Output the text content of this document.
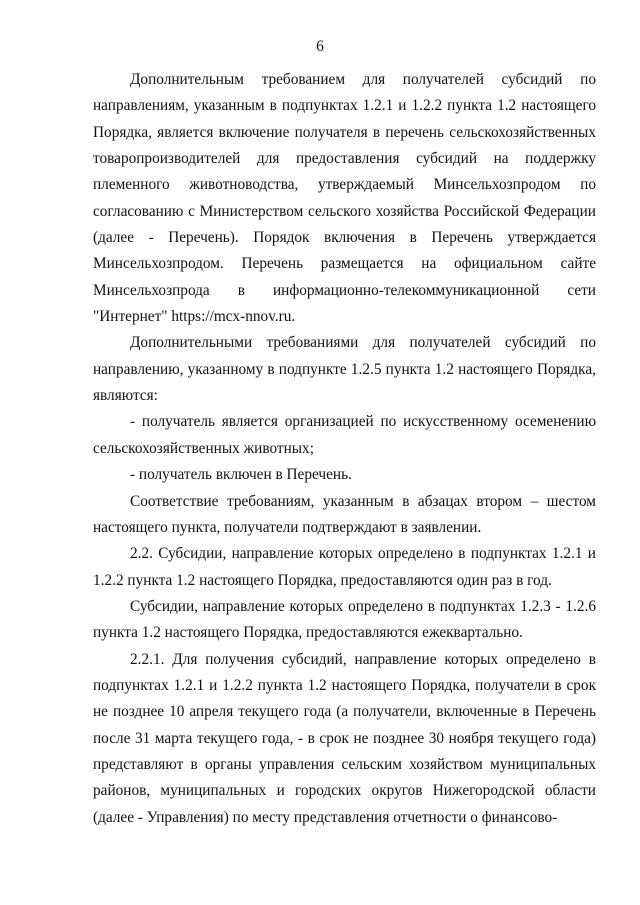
6

Дополнительным требованием для получателей субсидий по направлениям, указанным в подпунктах 1.2.1 и 1.2.2 пункта 1.2 настоящего Порядка, является включение получателя в перечень сельскохозяйственных товаропроизводителей для предоставления субсидий на поддержку племенного животноводства, утверждаемый Минсельхозпродом по согласованию с Министерством сельского хозяйства Российской Федерации (далее - Перечень). Порядок включения в Перечень утверждается Минсельхозпродом. Перечень размещается на официальном сайте Минсельхозпрода в информационно-телекоммуникационной сети "Интернет" https://mcx-nnov.ru.

Дополнительными требованиями для получателей субсидий по направлению, указанному в подпункте 1.2.5 пункта 1.2 настоящего Порядка, являются:

- получатель является организацией по искусственному осеменению сельскохозяйственных животных;

- получатель включен в Перечень.

Соответствие требованиям, указанным в абзацах втором – шестом настоящего пункта, получатели подтверждают в заявлении.

2.2. Субсидии, направление которых определено в подпунктах 1.2.1 и 1.2.2 пункта 1.2 настоящего Порядка, предоставляются один раз в год.

Субсидии, направление которых определено в подпунктах 1.2.3 - 1.2.6 пункта 1.2 настоящего Порядка, предоставляются ежеквартально.

2.2.1. Для получения субсидий, направление которых определено в подпунктах 1.2.1 и 1.2.2 пункта 1.2 настоящего Порядка, получатели в срок не позднее 10 апреля текущего года (а получатели, включенные в Перечень после 31 марта текущего года, - в срок не позднее 30 ноября текущего года) представляют в органы управления сельским хозяйством муниципальных районов, муниципальных и городских округов Нижегородской области (далее - Управления) по месту представления отчетности о финансово-
